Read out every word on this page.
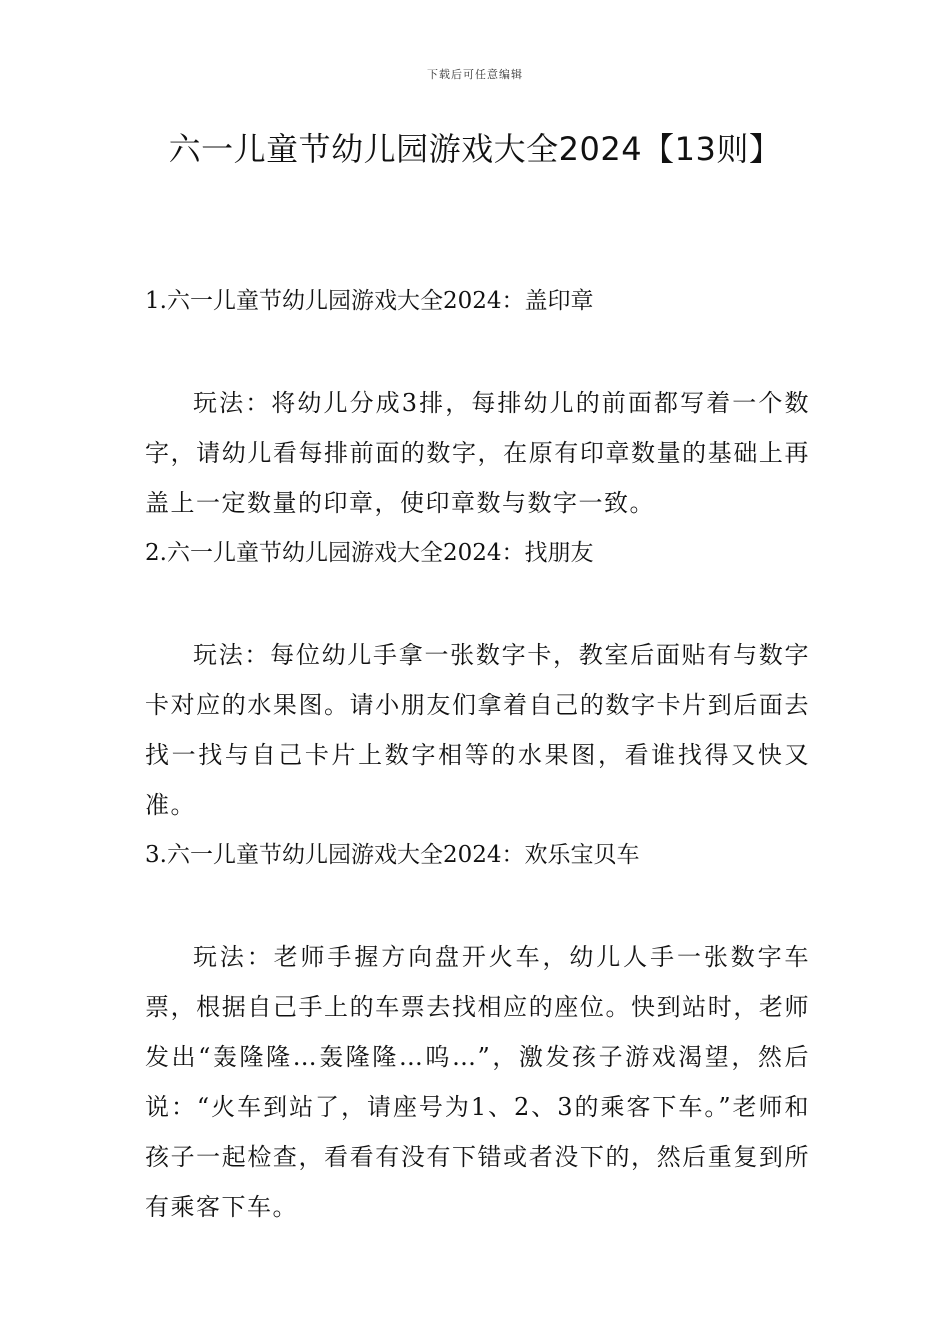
下载后可任意编辑
六一儿童节幼儿园游戏大全2024【13则】

1.六一儿童节幼儿园游戏大全2024：盖印章

玩法：将幼儿分成3排，每排幼儿的前面都写着一个数字，请幼儿看每排前面的数字，在原有印章数量的基础上再盖上一定数量的印章，使印章数与数字一致。

2.六一儿童节幼儿园游戏大全2024：找朋友

玩法：每位幼儿手拿一张数字卡，教室后面贴有与数字卡对应的水果图。请小朋友们拿着自己的数字卡片到后面去找一找与自己卡片上数字相等的水果图，看谁找得又快又准。

3.六一儿童节幼儿园游戏大全2024：欢乐宝贝车

玩法：老师手握方向盘开火车，幼儿人手一张数字车票，根据自己手上的车票去找相应的座位。快到站时，老师发出“轰隆隆…轰隆隆…呜…”，激发孩子游戏渴望，然后说：“火车到站了，请座号为1、2、3的乘客下车。”老师和孩子一起检查，看看有没有下错或者没下的，然后重复到所有乘客下车。
